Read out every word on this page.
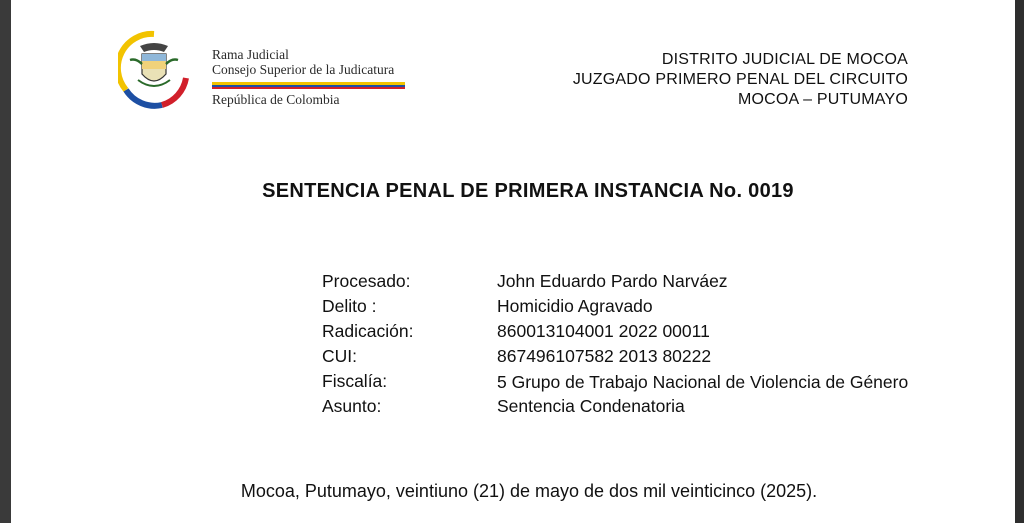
Rama Judicial
Consejo Superior de la Judicatura
República de Colombia
DISTRITO JUDICIAL DE MOCOA
JUZGADO PRIMERO PENAL DEL CIRCUITO
MOCOA – PUTUMAYO
SENTENCIA PENAL DE PRIMERA INSTANCIA No. 0019
Procesado:	John Eduardo Pardo Narváez
Delito :	Homicidio Agravado
Radicación:	860013104001 2022 00011
CUI:	867496107582 2013 80222
Fiscalía:	5 Grupo de Trabajo Nacional de Violencia de Género
Asunto:	Sentencia Condenatoria
Mocoa, Putumayo, veintiuno (21) de mayo de dos mil veinticinco (2025).
